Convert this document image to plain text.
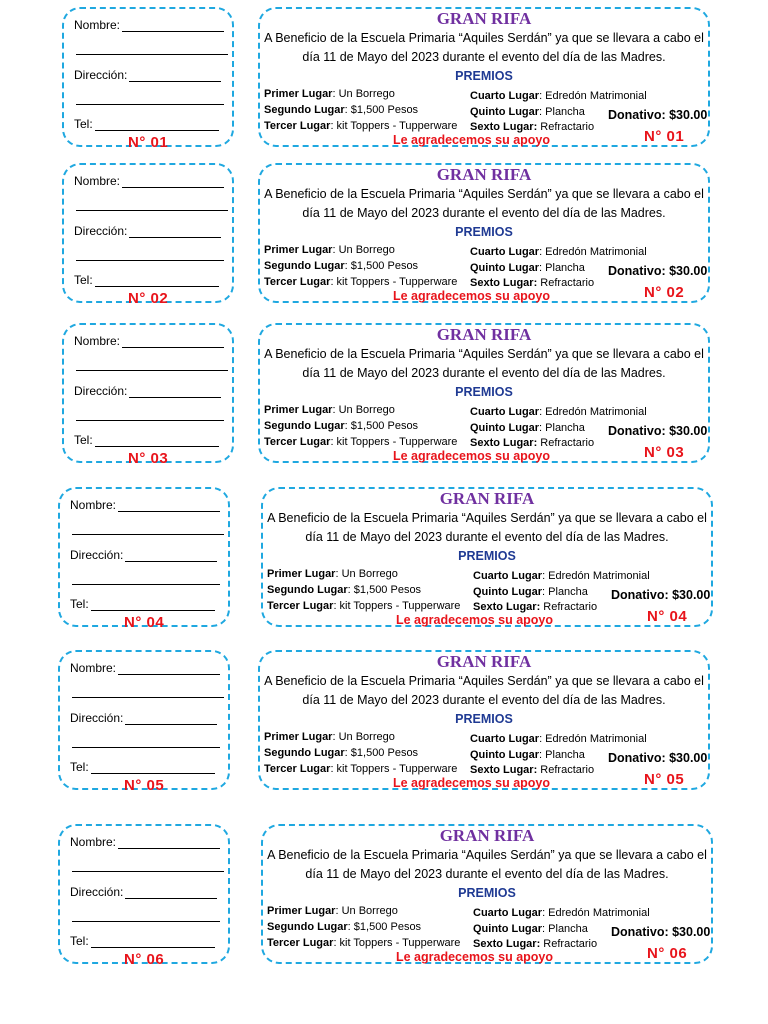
Nombre:
Dirección:
Tel:
N° 01
GRAN RIFA
A Beneficio de la Escuela Primaria “Aquiles Serdán” ya que se llevara a cabo el
día 11 de Mayo del 2023 durante el evento del día de las Madres.
PREMIOS
Primer Lugar: Un Borrego
Segundo Lugar: $1,500 Pesos
Tercer Lugar: kit Toppers - Tupperware
Cuarto Lugar: Edredón Matrimonial
Quinto Lugar: Plancha
Sexto Lugar: Refractario
Donativo: $30.00
Le agradecemos su apoyo	N° 01
Nombre:
Dirección:
Tel:
N° 02
GRAN RIFA
A Beneficio de la Escuela Primaria “Aquiles Serdán” ya que se llevara a cabo el
día 11 de Mayo del 2023 durante el evento del día de las Madres.
PREMIOS
Primer Lugar: Un Borrego
Segundo Lugar: $1,500 Pesos
Tercer Lugar: kit Toppers - Tupperware
Cuarto Lugar: Edredón Matrimonial
Quinto Lugar: Plancha
Sexto Lugar: Refractario
Donativo: $30.00
Le agradecemos su apoyo	N° 02
Nombre:
Dirección:
Tel:
N° 03
GRAN RIFA
A Beneficio de la Escuela Primaria “Aquiles Serdán” ya que se llevara a cabo el
día 11 de Mayo del 2023 durante el evento del día de las Madres.
PREMIOS
Primer Lugar: Un Borrego
Segundo Lugar: $1,500 Pesos
Tercer Lugar: kit Toppers - Tupperware
Cuarto Lugar: Edredón Matrimonial
Quinto Lugar: Plancha
Sexto Lugar: Refractario
Donativo: $30.00
Le agradecemos su apoyo	N° 03
Nombre:
Dirección:
Tel:
N° 04
GRAN RIFA
A Beneficio de la Escuela Primaria “Aquiles Serdán” ya que se llevara a cabo el
día 11 de Mayo del 2023 durante el evento del día de las Madres.
PREMIOS
Primer Lugar: Un Borrego
Segundo Lugar: $1,500 Pesos
Tercer Lugar: kit Toppers - Tupperware
Cuarto Lugar: Edredón Matrimonial
Quinto Lugar: Plancha
Sexto Lugar: Refractario
Donativo: $30.00
Le agradecemos su apoyo	N° 04
Nombre:
Dirección:
Tel:
N° 05
GRAN RIFA
A Beneficio de la Escuela Primaria “Aquiles Serdán” ya que se llevara a cabo el
día 11 de Mayo del 2023 durante el evento del día de las Madres.
PREMIOS
Primer Lugar: Un Borrego
Segundo Lugar: $1,500 Pesos
Tercer Lugar: kit Toppers - Tupperware
Cuarto Lugar: Edredón Matrimonial
Quinto Lugar: Plancha
Sexto Lugar: Refractario
Donativo: $30.00
Le agradecemos su apoyo	N° 05
Nombre:
Dirección:
Tel:
N° 06
GRAN RIFA
A Beneficio de la Escuela Primaria “Aquiles Serdán” ya que se llevara a cabo el
día 11 de Mayo del 2023 durante el evento del día de las Madres.
PREMIOS
Primer Lugar: Un Borrego
Segundo Lugar: $1,500 Pesos
Tercer Lugar: kit Toppers - Tupperware
Cuarto Lugar: Edredón Matrimonial
Quinto Lugar: Plancha
Sexto Lugar: Refractario
Donativo: $30.00
Le agradecemos su apoyo	N° 06
